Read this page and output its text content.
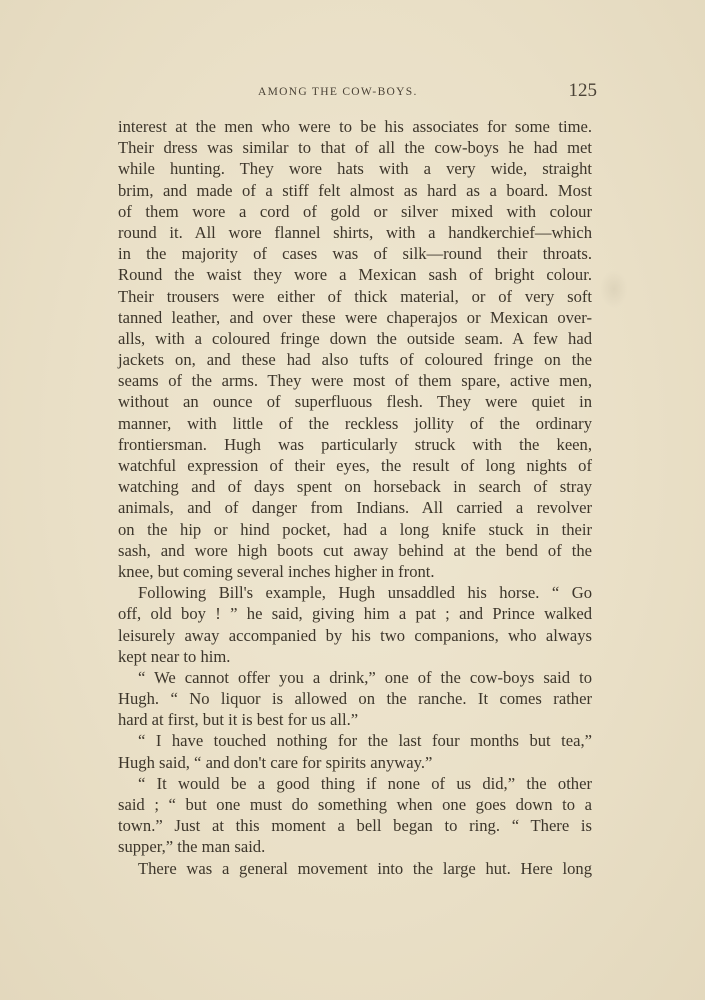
AMONG THE COW-BOYS.	125
interest at the men who were to be his associates for some time.
Their dress was similar to that of all the cow-boys he had met
while hunting. They wore hats with a very wide, straight
brim, and made of a stiff felt almost as hard as a board. Most
of them wore a cord of gold or silver mixed with colour
round it. All wore flannel shirts, with a handkerchief—which
in the majority of cases was of silk—round their throats.
Round the waist they wore a Mexican sash of bright colour.
Their trousers were either of thick material, or of very soft
tanned leather, and over these were chaperajos or Mexican over-
alls, with a coloured fringe down the outside seam. A few had
jackets on, and these had also tufts of coloured fringe on the
seams of the arms. They were most of them spare, active men,
without an ounce of superfluous flesh. They were quiet in
manner, with little of the reckless jollity of the ordinary
frontiersman. Hugh was particularly struck with the keen,
watchful expression of their eyes, the result of long nights of
watching and of days spent on horseback in search of stray
animals, and of danger from Indians. All carried a revolver
on the hip or hind pocket, had a long knife stuck in their
sash, and wore high boots cut away behind at the bend of the
knee, but coming several inches higher in front.
Following Bill's example, Hugh unsaddled his horse. “ Go
off, old boy ! ” he said, giving him a pat ; and Prince walked
leisurely away accompanied by his two companions, who always
kept near to him.
“ We cannot offer you a drink,” one of the cow-boys said to
Hugh. “ No liquor is allowed on the ranche. It comes rather
hard at first, but it is best for us all.”
“ I have touched nothing for the last four months but tea,”
Hugh said, “ and don't care for spirits anyway.”
“ It would be a good thing if none of us did,” the other
said ; “ but one must do something when one goes down to a
town.” Just at this moment a bell began to ring. “ There is
supper,” the man said.
There was a general movement into the large hut. Here long
